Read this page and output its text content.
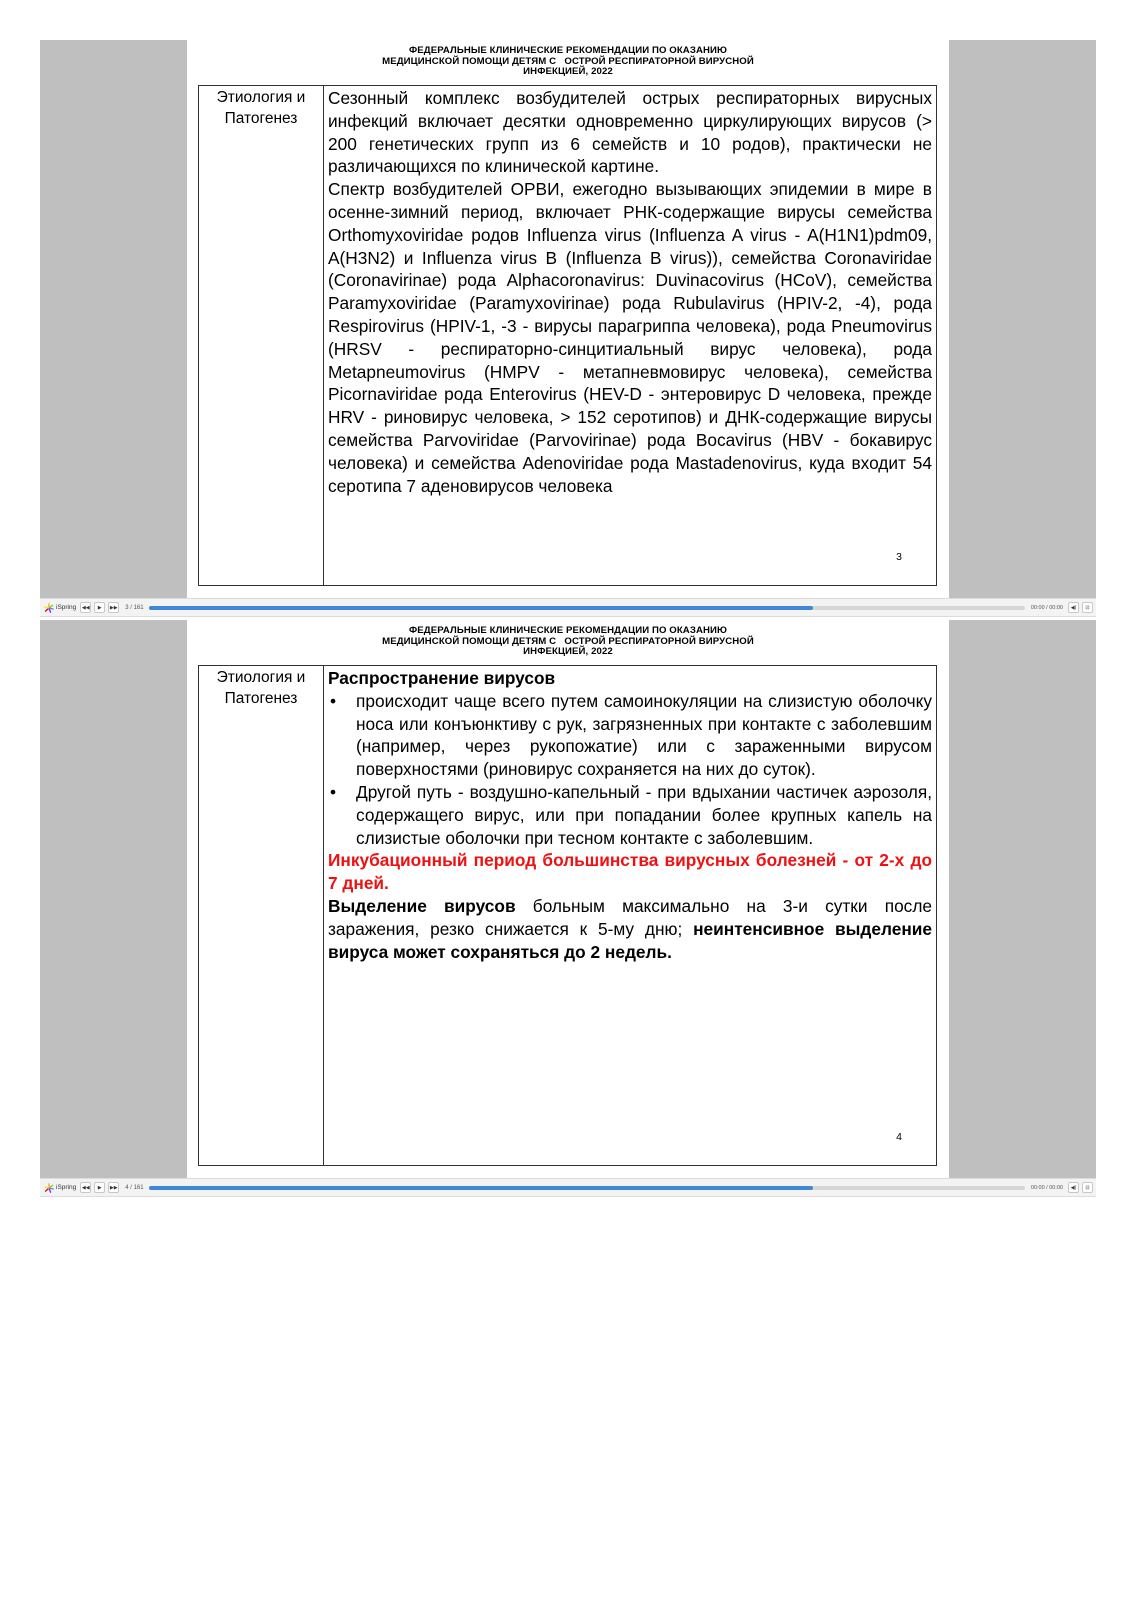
ФЕДЕРАЛЬНЫЕ КЛИНИЧЕСКИЕ РЕКОМЕНДАЦИИ ПО ОКАЗАНИЮ
МЕДИЦИНСКОЙ ПОМОЩИ ДЕТЯМ С   ОСТРОЙ РЕСПИРАТОРНОЙ ВИРУСНОЙ
ИНФЕКЦИЕЙ, 2022
Этиология и
Патогенез

Сезонный комплекс возбудителей острых респираторных вирусных инфекций включает десятки одновременно циркулирующих вирусов (> 200 генетических групп из 6 семейств и 10 родов), практически не различающихся по клинической картине.

Спектр возбудителей ОРВИ, ежегодно вызывающих эпидемии в мире в осенне-зимний период, включает РНК-содержащие вирусы семейства Orthomyxoviridae родов Influenza virus (Influenza A virus - A(H1N1)pdm09, A(H3N2) и Influenza virus B (Influenza B virus)), семейства Coronaviridae (Coronavirinae) рода Alphacoronavirus: Duvinacovirus (HCoV), семейства Paramyxoviridae (Paramyxovirinae) рода Rubulavirus (HPIV-2, -4), рода Respirovirus (HPIV-1, -3 - вирусы парагриппа человека), рода Pneumovirus (HRSV - респираторно-синцитиальный вирус человека), рода Metapneumovirus (HMPV - метапневмовирус человека), семейства Picornaviridae рода Enterovirus (HEV-D - энтеровирус D человека, прежде HRV - риновирус человека, > 152 серотипов) и ДНК-содержащие вирусы семейства Parvoviridae (Parvovirinae) рода Bocavirus (HBV - бокавирус человека) и семейства Adenoviridae рода Mastadenovirus, куда входит 54 серотипа 7 аденовирусов человека

3
iSpring ◀◀ ▶ ▶▶ 3 / 161	00:00 / 00:00 ◀) ⊡
ФЕДЕРАЛЬНЫЕ КЛИНИЧЕСКИЕ РЕКОМЕНДАЦИИ ПО ОКАЗАНИЮ
МЕДИЦИНСКОЙ ПОМОЩИ ДЕТЯМ С   ОСТРОЙ РЕСПИРАТОРНОЙ ВИРУСНОЙ
ИНФЕКЦИЕЙ, 2022
Этиология и
Патогенез

Распространение вирусов

• происходит чаще всего путем самоинокуляции на слизистую оболочку носа или конъюнктиву с рук, загрязненных при контакте с заболевшим (например, через рукопожатие) или с зараженными вирусом поверхностями (риновирус сохраняется на них до суток).
• Другой путь - воздушно-капельный - при вдыхании частичек аэрозоля, содержащего вирус, или при попадании более крупных капель на слизистые оболочки при тесном контакте с заболевшим.

Инкубационный период большинства вирусных болезней - от 2-х до 7 дней.

Выделение вирусов больным максимально на 3-и сутки после заражения, резко снижается к 5-му дню; неинтенсивное выделение вируса может сохраняться до 2 недель.

4
iSpring ◀◀ ▶ ▶▶ 4 / 161	00:00 / 00:00 ◀) ⊡
